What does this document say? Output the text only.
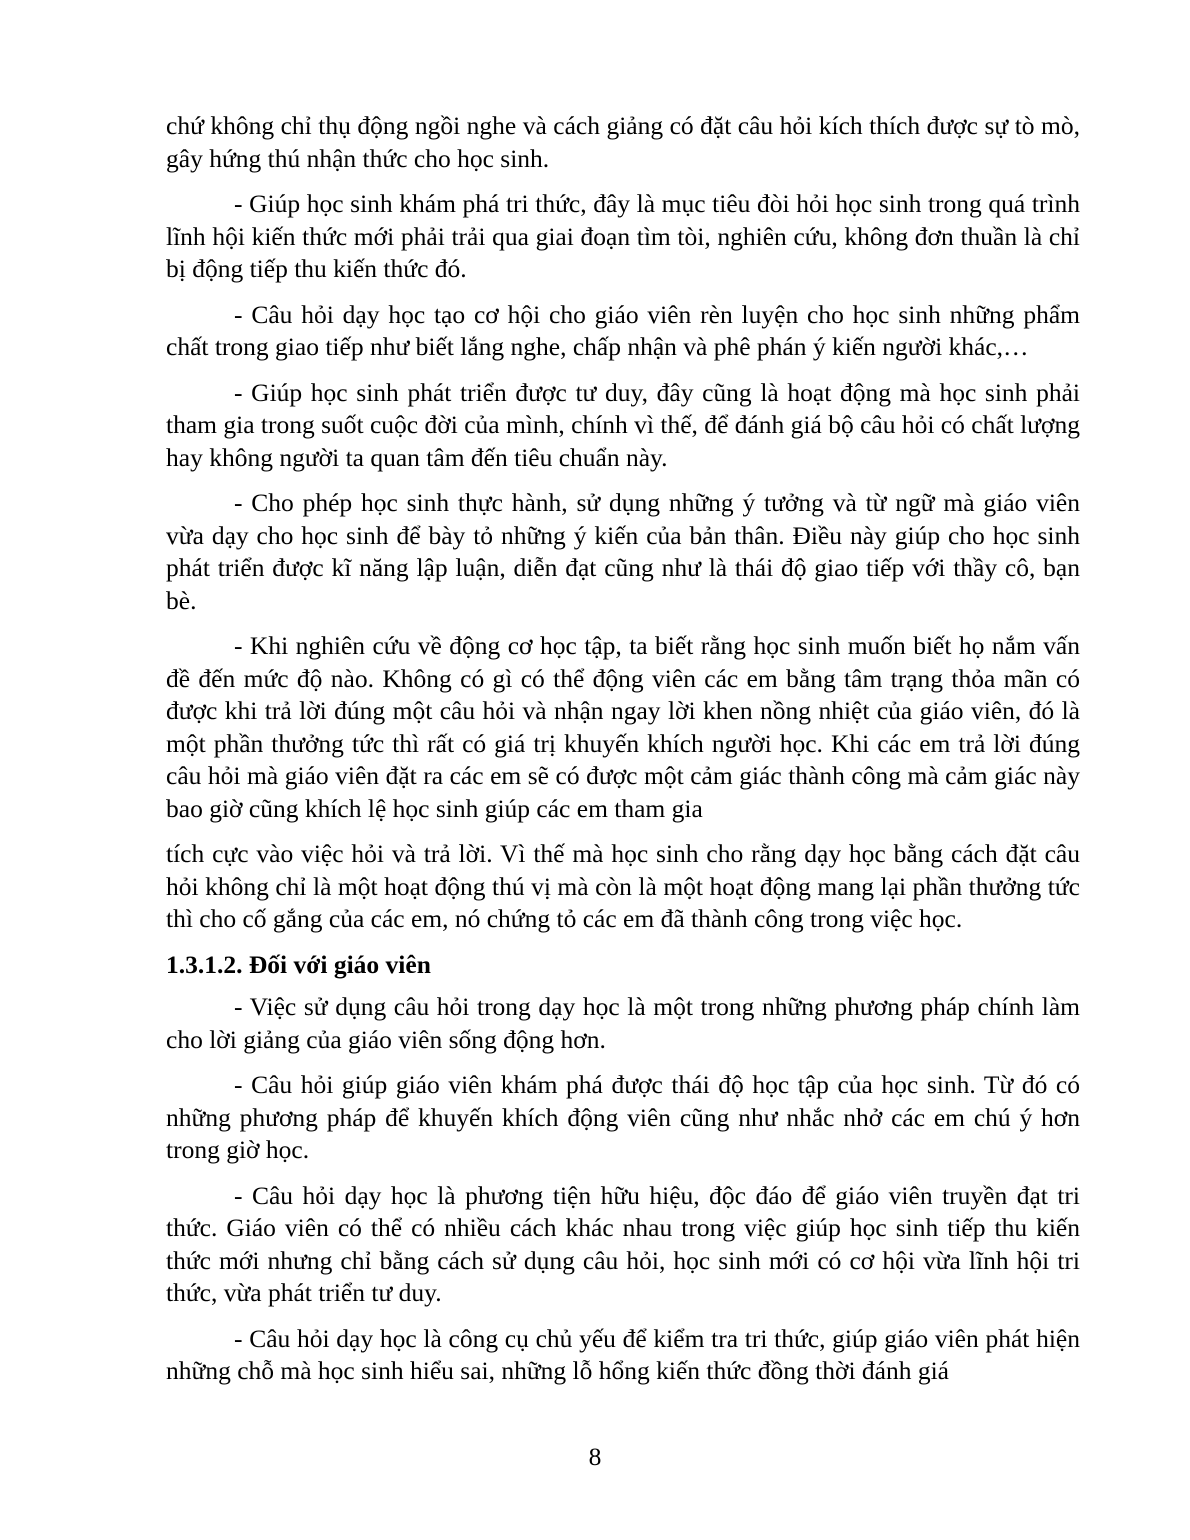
chứ không chỉ thụ động ngồi nghe và cách giảng có đặt câu hỏi kích thích được sự tò mò, gây hứng thú nhận thức cho học sinh.

- Giúp học sinh khám phá tri thức, đây là mục tiêu đòi hỏi học sinh trong quá trình lĩnh hội kiến thức mới phải trải qua giai đoạn tìm tòi, nghiên cứu, không đơn thuần là chỉ bị động tiếp thu kiến thức đó.

- Câu hỏi dạy học tạo cơ hội cho giáo viên rèn luyện cho học sinh những phẩm chất trong giao tiếp như biết lắng nghe, chấp nhận và phê phán ý kiến người khác,…

- Giúp học sinh phát triển được tư duy, đây cũng là hoạt động mà học sinh phải tham gia trong suốt cuộc đời của mình, chính vì thế, để đánh giá bộ câu hỏi có chất lượng hay không người ta quan tâm đến tiêu chuẩn này.

- Cho phép học sinh thực hành, sử dụng những ý tưởng và từ ngữ mà giáo viên vừa dạy cho học sinh để bày tỏ những ý kiến của bản thân. Điều này giúp cho học sinh phát triển được kĩ năng lập luận, diễn đạt cũng như là thái độ giao tiếp với thầy cô, bạn bè.

- Khi nghiên cứu về động cơ học tập, ta biết rằng học sinh muốn biết họ nắm vấn đề đến mức độ nào. Không có gì có thể động viên các em bằng tâm trạng thỏa mãn có được khi trả lời đúng một câu hỏi và nhận ngay lời khen nồng nhiệt của giáo viên, đó là một phần thưởng tức thì rất có giá trị khuyến khích người học. Khi các em trả lời đúng câu hỏi mà giáo viên đặt ra các em sẽ có được một cảm giác thành công mà cảm giác này bao giờ cũng khích lệ học sinh giúp các em tham gia

tích cực vào việc hỏi và trả lời. Vì thế mà học sinh cho rằng dạy học bằng cách đặt câu hỏi không chỉ là một hoạt động thú vị mà còn là một hoạt động mang lại phần thưởng tức thì cho cố gắng của các em, nó chứng tỏ các em đã thành công trong việc học.

1.3.1.2. Đối với giáo viên

- Việc sử dụng câu hỏi trong dạy học là một trong những phương pháp chính làm cho lời giảng của giáo viên sống động hơn.

- Câu hỏi giúp giáo viên khám phá được thái độ học tập của học sinh. Từ đó có những phương pháp để khuyến khích động viên cũng như nhắc nhở các em chú ý hơn trong giờ học.

- Câu hỏi dạy học là phương tiện hữu hiệu, độc đáo để giáo viên truyền đạt tri thức. Giáo viên có thể có nhiều cách khác nhau trong việc giúp học sinh tiếp thu kiến thức mới nhưng chỉ bằng cách sử dụng câu hỏi, học sinh mới có cơ hội vừa lĩnh hội tri thức, vừa phát triển tư duy.

- Câu hỏi dạy học là công cụ chủ yếu để kiểm tra tri thức, giúp giáo viên phát hiện những chỗ mà học sinh hiểu sai, những lỗ hổng kiến thức đồng thời đánh giá

8
